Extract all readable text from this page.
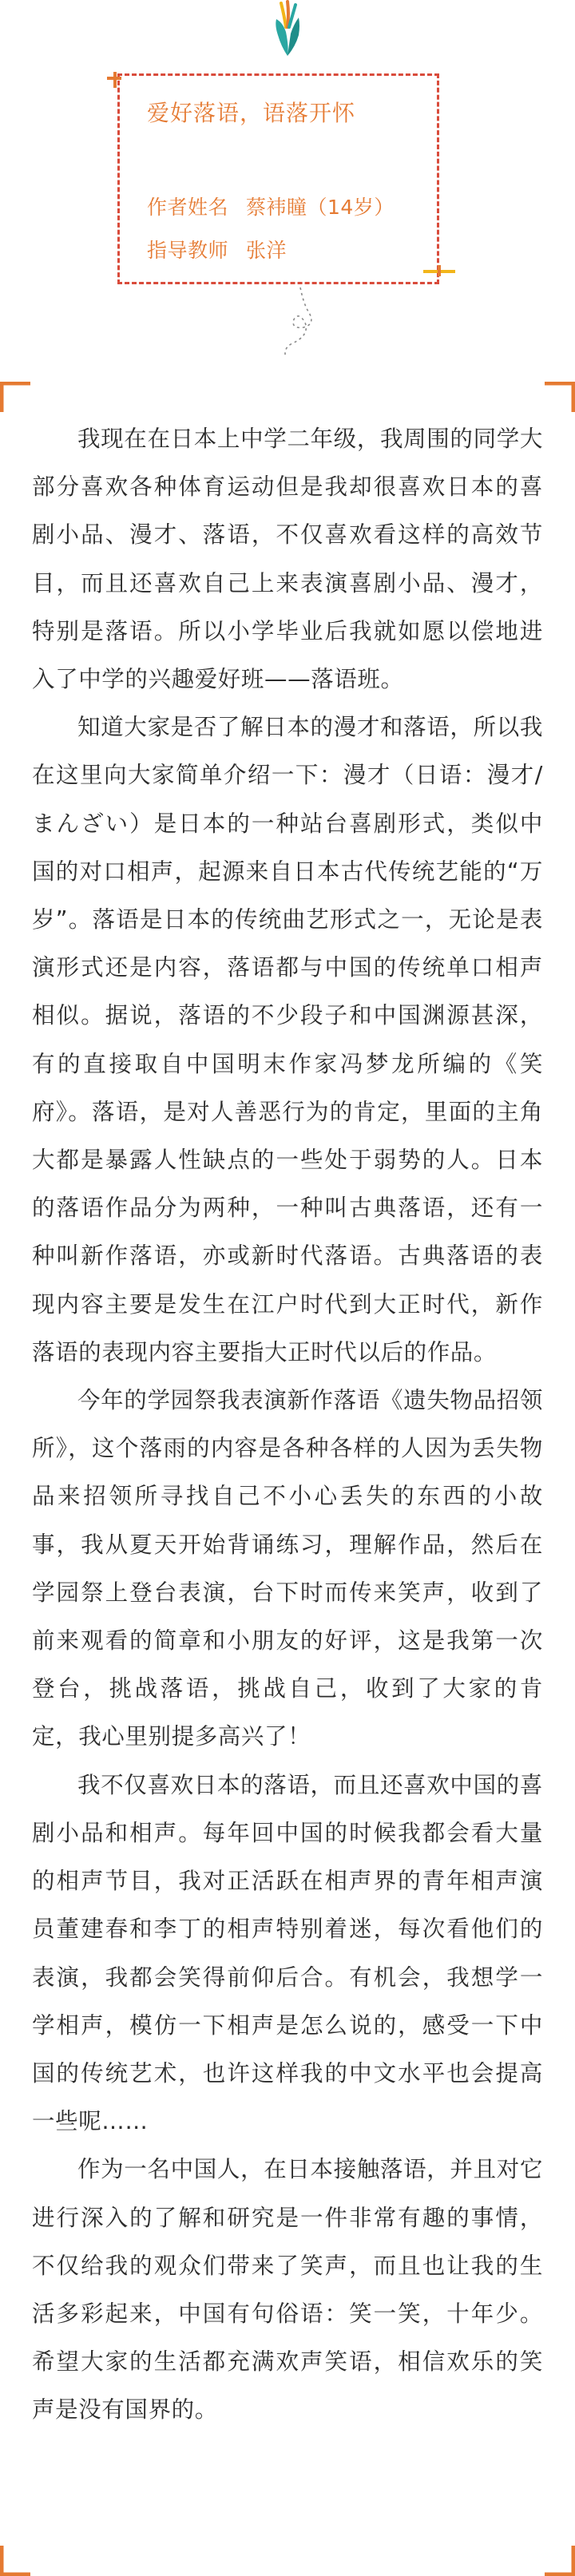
爱好落语，语落开怀
作者姓名 蔡袆瞳（14岁）
指导教师 张洋

我现在在日本上中学二年级，我周围的同学大部分喜欢各种体育运动但是我却很喜欢日本的喜剧小品、漫才、落语，不仅喜欢看这样的高效节目，而且还喜欢自己上来表演喜剧小品、漫才，特别是落语。所以小学毕业后我就如愿以偿地进入了中学的兴趣爱好班——落语班。

知道大家是否了解日本的漫才和落语，所以我在这里向大家简单介绍一下：漫才（日语：漫才/まんざい）是日本的一种站台喜剧形式，类似中国的对口相声，起源来自日本古代传统艺能的“万岁”。落语是日本的传统曲艺形式之一，无论是表演形式还是内容，落语都与中国的传统单口相声相似。据说，落语的不少段子和中国渊源甚深，有的直接取自中国明末作家冯梦龙所编的《笑府》。落语，是对人善恶行为的肯定，里面的主角大都是暴露人性缺点的一些处于弱势的人。日本的落语作品分为两种，一种叫古典落语，还有一种叫新作落语，亦或新时代落语。古典落语的表现内容主要是发生在江户时代到大正时代，新作落语的表现内容主要指大正时代以后的作品。

今年的学园祭我表演新作落语《遗失物品招领所》，这个落雨的内容是各种各样的人因为丢失物品来招领所寻找自己不小心丢失的东西的小故事，我从夏天开始背诵练习，理解作品，然后在学园祭上登台表演，台下时而传来笑声，收到了前来观看的简章和小朋友的好评，这是我第一次登台，挑战落语，挑战自己，收到了大家的肯定，我心里别提多高兴了！

我不仅喜欢日本的落语，而且还喜欢中国的喜剧小品和相声。每年回中国的时候我都会看大量的相声节目，我对正活跃在相声界的青年相声演员董建春和李丁的相声特别着迷，每次看他们的表演，我都会笑得前仰后合。有机会，我想学一学相声，模仿一下相声是怎么说的，感受一下中国的传统艺术，也许这样我的中文水平也会提高一些呢……

作为一名中国人，在日本接触落语，并且对它进行深入的了解和研究是一件非常有趣的事情，不仅给我的观众们带来了笑声，而且也让我的生活多彩起来，中国有句俗语：笑一笑，十年少。希望大家的生活都充满欢声笑语，相信欢乐的笑声是没有国界的。
